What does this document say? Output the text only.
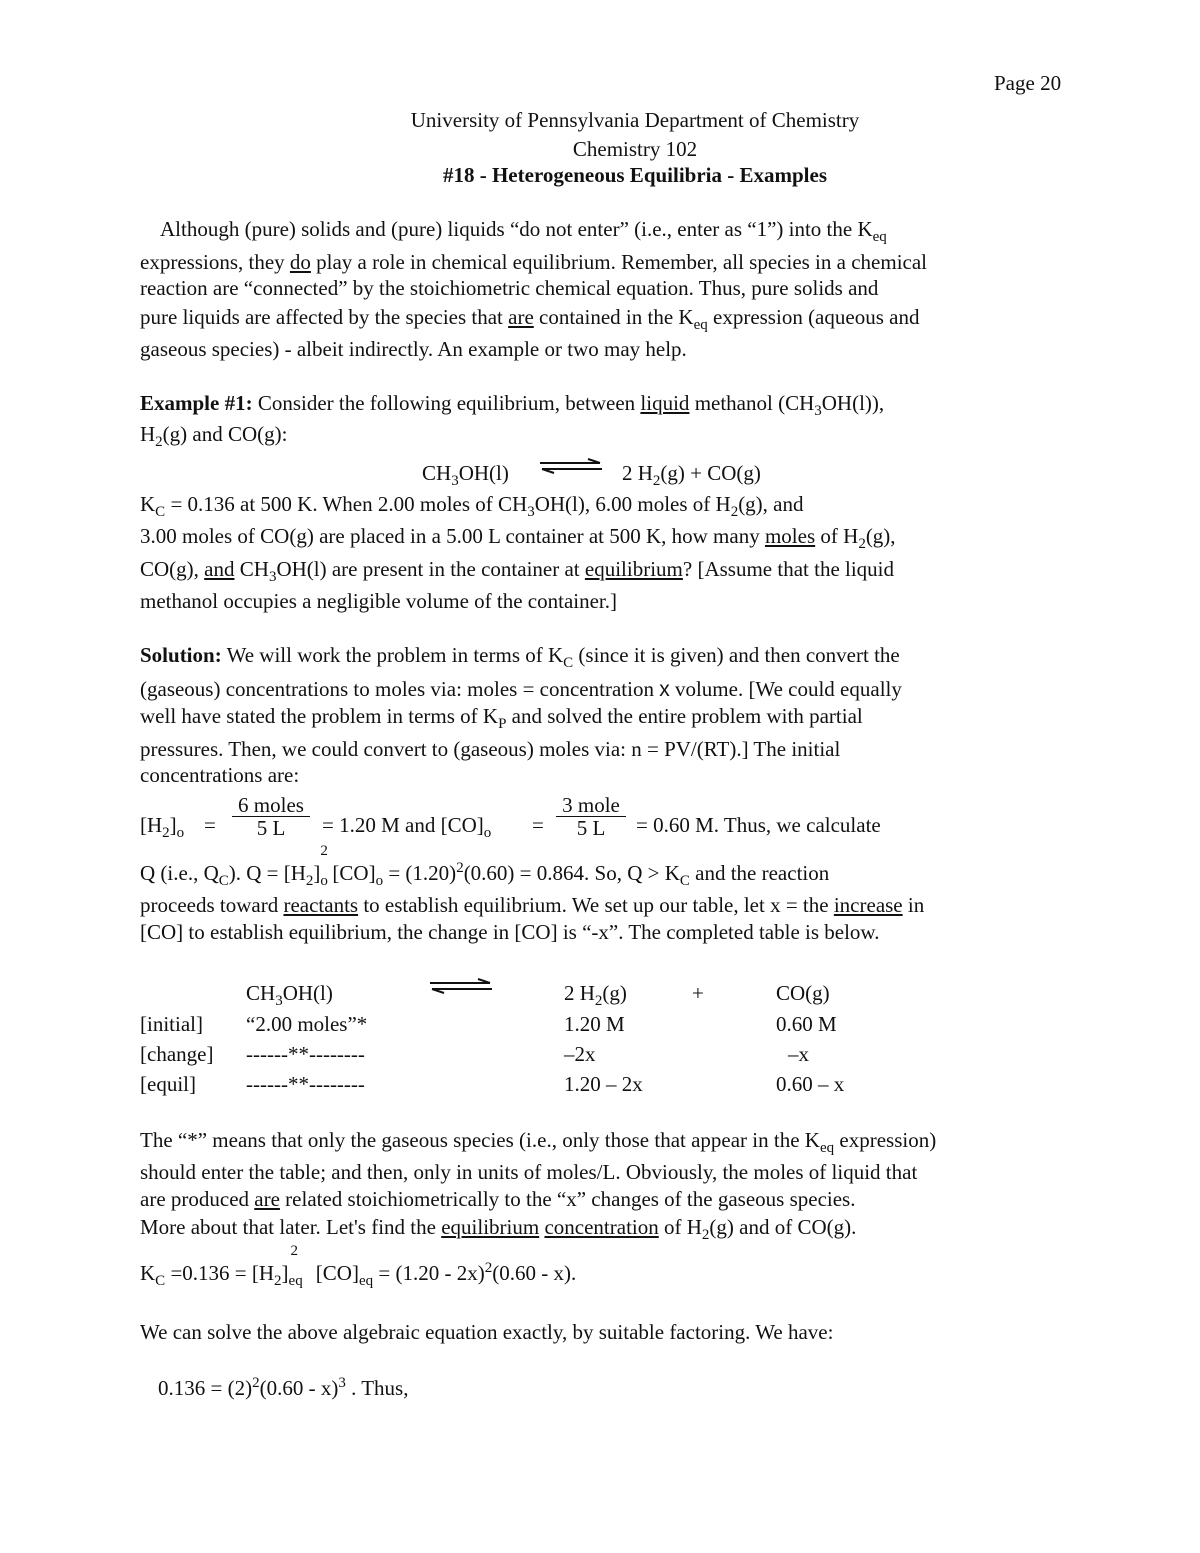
Page 20
University of Pennsylvania Department of Chemistry
Chemistry 102
#18 - Heterogeneous Equilibria - Examples
Although (pure) solids and (pure) liquids “do not enter” (i.e., enter as “1”) into the $K_{eq}$
expressions, they do play a role in chemical equilibrium. Remember, all species in a chemical
reaction are “connected” by the stoichiometric chemical equation. Thus, pure solids and
pure liquids are affected by the species that are contained in the $K_{eq}$ expression (aqueous and
gaseous species) - albeit indirectly. An example or two may help.
Example #1: Consider the following equilibrium, between liquid methanol $(CH_3OH(l))$,
$H_2(g)$ and CO(g):
$CH_3OH(l)$ ⇌ 2 $H_2(g) + CO(g)$
$K_C = 0.136$ at 500 K. When 2.00 moles of $CH_3OH(l)$, 6.00 moles of $H_2(g)$, and
3.00 moles of CO(g) are placed in a 5.00 L container at 500 K, how many moles of $H_2(g)$,
CO(g), and $CH_3OH(l)$ are present in the container at equilibrium? [Assume that the liquid
methanol occupies a negligible volume of the container.]
Solution: We will work the problem in terms of $K_C$ (since it is given) and then convert the
(gaseous) concentrations to moles via: moles = concentration x volume. [We could equally
well have stated the problem in terms of $K_P$ and solved the entire problem with partial
pressures. Then, we could convert to (gaseous) moles via: n = PV/(RT).] The initial
concentrations are:
$[H_2]_o$ =
6 moles
5 L	= 1.20 M and $[CO]_o$ =
3 mole
5 L	= 0.60 M. Thus, we calculate
Q (i.e., $Q_C$). $Q = [H_2]$
2
$_o$ $[CO]_o = (1.20)^2(0.60) = 0.864$. So, $Q > K_C$ and the reaction
proceeds toward reactants to establish equilibrium. We set up our table, let x = the increase in
[CO] to establish equilibrium, the change in [CO] is “-x”. The completed table is below.
$CH_3OH(l)$	2 $H_2(g)$	+	CO(g)
[initial] “2.00 moles”*	1.20 M	0.60 M
[change] ------**--------	–2x	–x
[equil] ------**--------	1.20 – 2x	0.60 – x
The “*” means that only the gaseous species (i.e., only those that appear in the $K_{eq}$ expression)
should enter the table; and then, only in units of moles/L. Obviously, the moles of liquid that
are produced are related stoichiometrically to the “x” changes of the gaseous species.
More about that later. Let's find the equilibrium concentration of $H_2(g)$ and of CO(g).
$K_C =0.136 = [H_2]$
2
$_{eq}$ $[CO]_{eq} = (1.20 - 2x)^2(0.60 - x)$.
We can solve the above algebraic equation exactly, by suitable factoring. We have:
$0.136 = (2)^2(0.60 - x)^3$ . Thus,
